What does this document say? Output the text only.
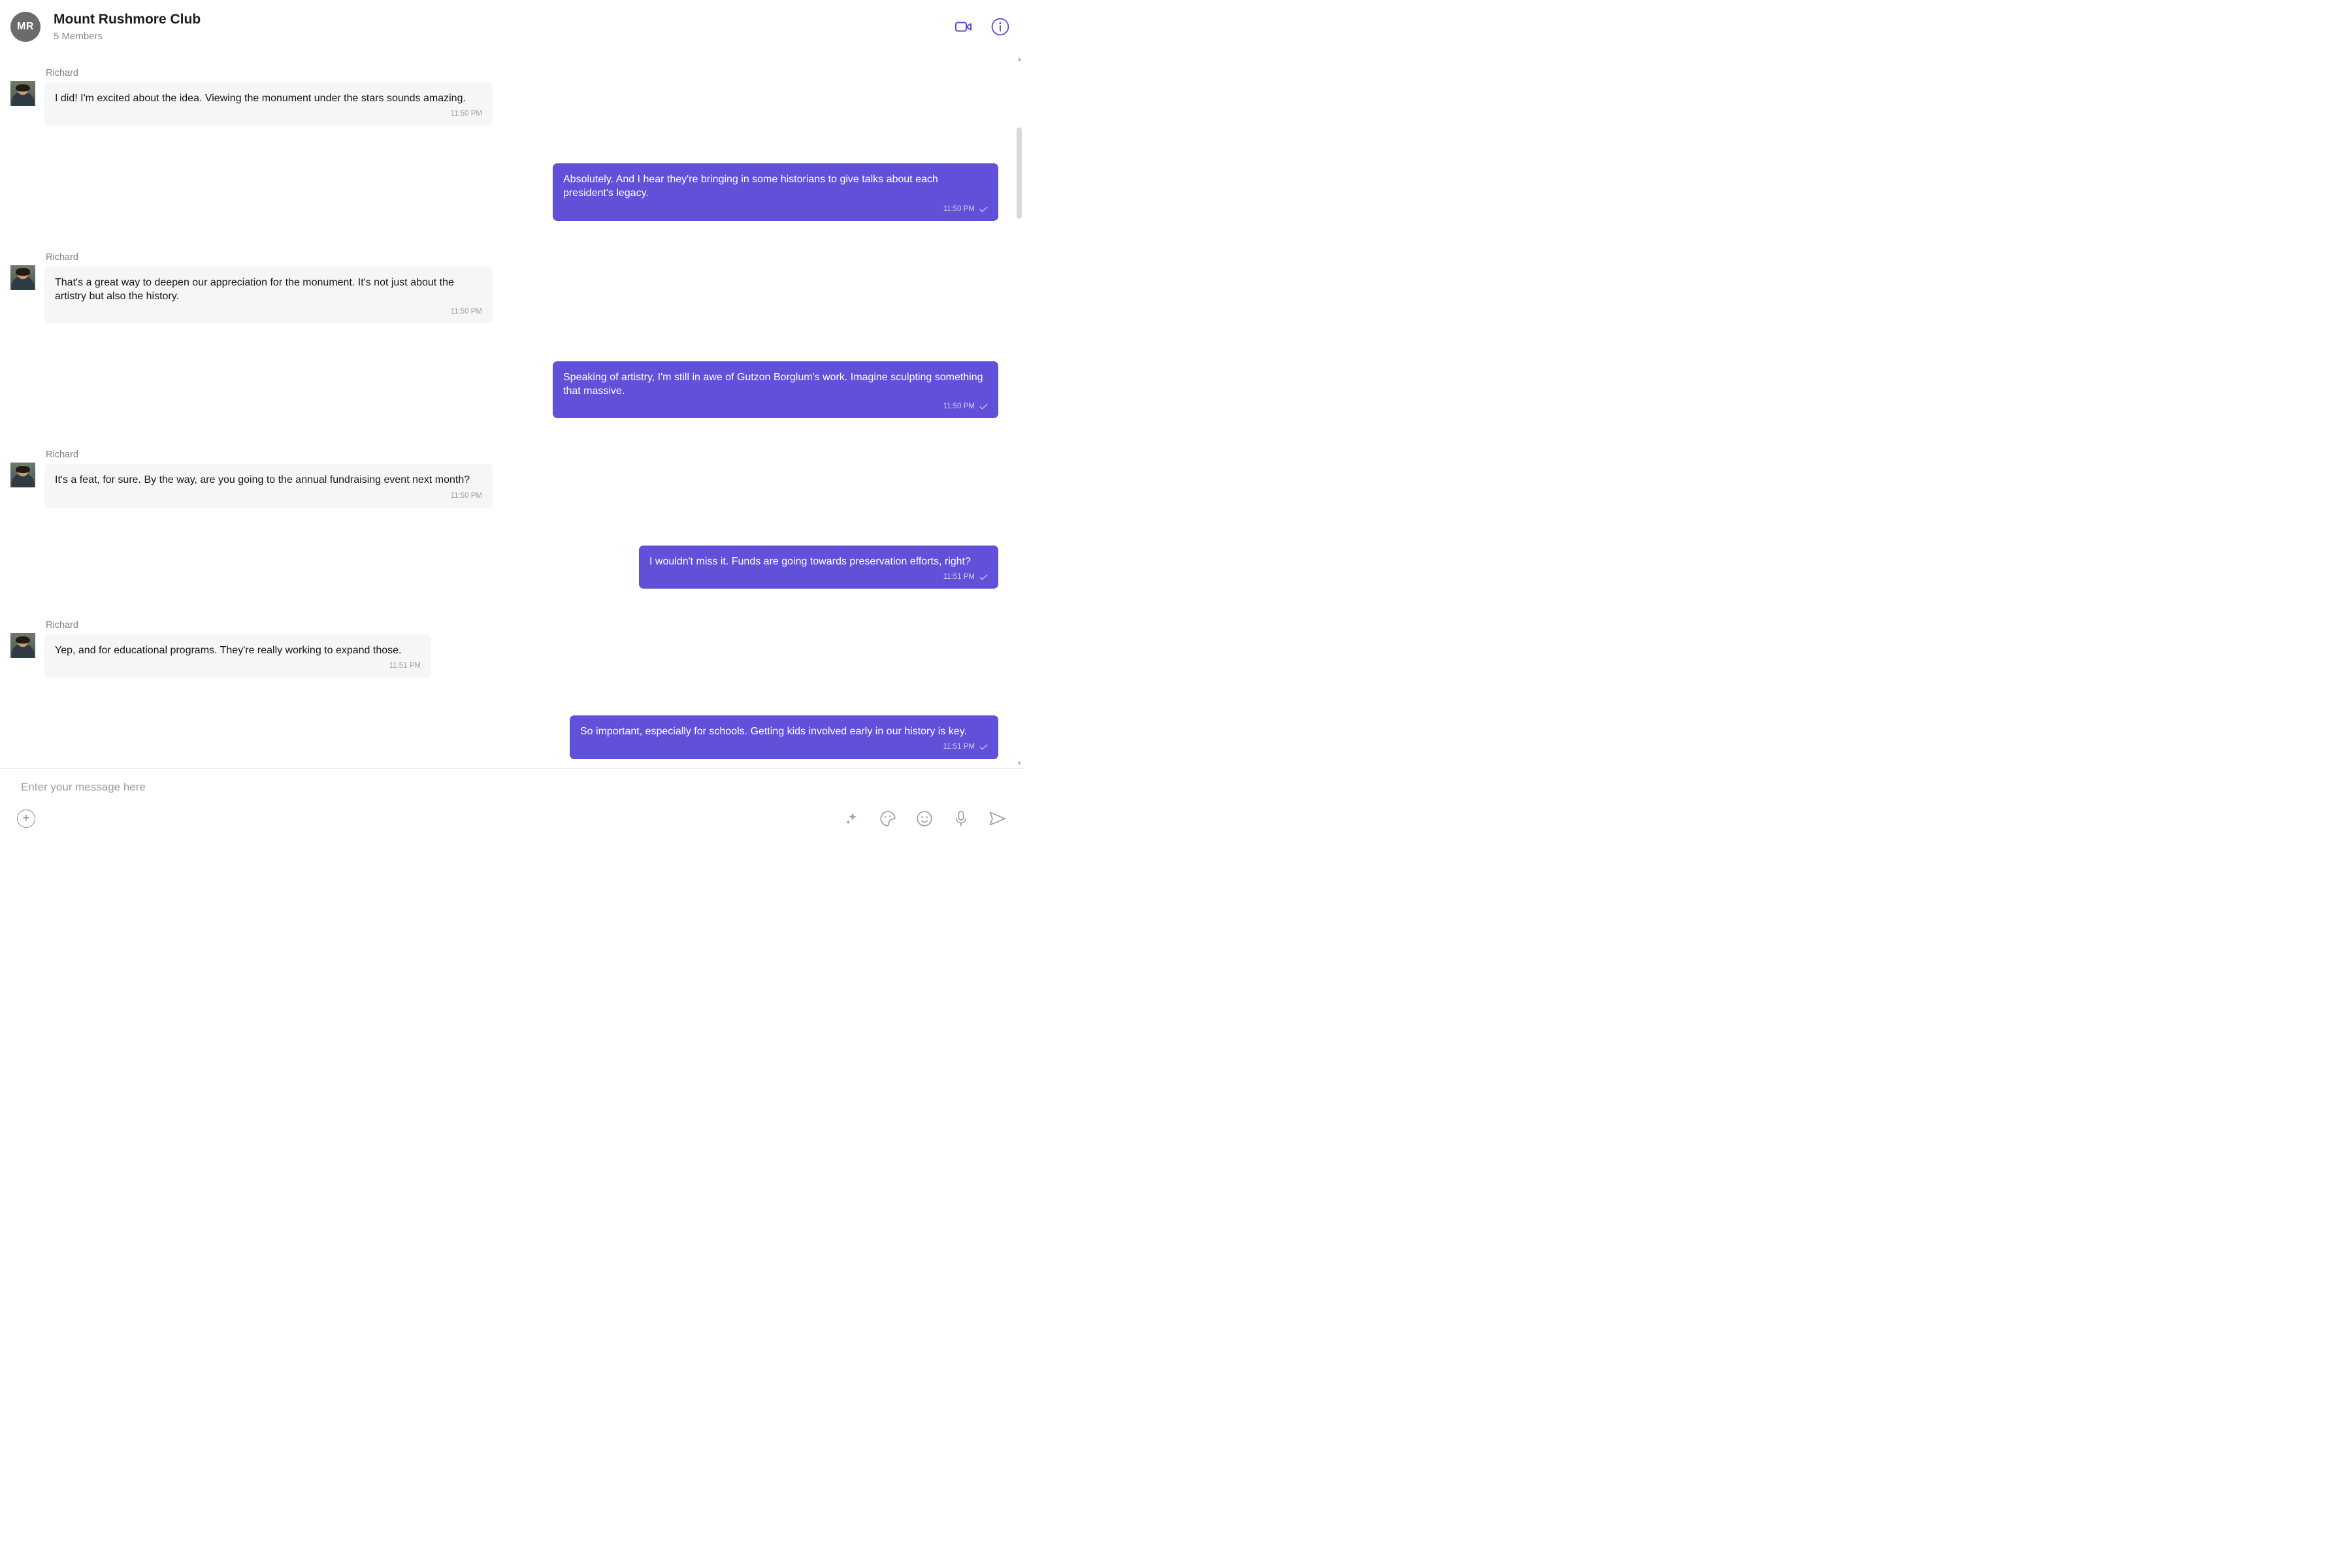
MR Mount Rushmore Club
5 Members
Richard
I did! I'm excited about the idea. Viewing the monument under the stars sounds amazing.
11:50 PM
Absolutely. And I hear they're bringing in some historians to give talks about each president's legacy.
11:50 PM
Richard
That's a great way to deepen our appreciation for the monument. It's not just about the artistry but also the history.
11:50 PM
Speaking of artistry, I'm still in awe of Gutzon Borglum's work. Imagine sculpting something that massive.
11:50 PM
Richard
It's a feat, for sure. By the way, are you going to the annual fundraising event next month?
11:50 PM
I wouldn't miss it. Funds are going towards preservation efforts, right?
11:51 PM
Richard
Yep, and for educational programs. They're really working to expand those.
11:51 PM
So important, especially for schools. Getting kids involved early in our history is key.
11:51 PM
▲
▼
Enter your message here
+
